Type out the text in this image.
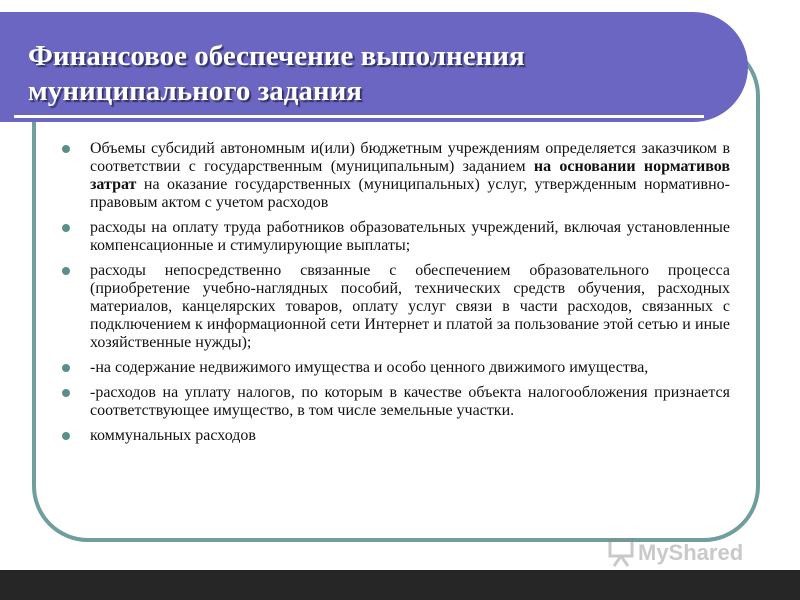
Финансовое обеспечение выполнения муниципального задания
Объемы субсидий автономным и(или) бюджетным учреждениям определяется заказчиком в соответствии с государственным (муниципальным) заданием на основании нормативов затрат на оказание государственных (муниципальных) услуг, утвержденным нормативно-правовым актом с учетом расходов
расходы на оплату труда работников образовательных учреждений, включая установленные компенсационные и стимулирующие выплаты;
расходы непосредственно связанные с обеспечением образовательного процесса (приобретение учебно-наглядных пособий, технических средств обучения, расходных материалов, канцелярских товаров, оплату услуг связи в части расходов, связанных с подключением к информационной сети Интернет и платой за пользование этой сетью и иные хозяйственные нужды);
-на содержание недвижимого имущества и особо ценного движимого имущества,
-расходов на уплату налогов, по которым в качестве объекта налогообложения признается соответствующее имущество, в том числе земельные участки.
коммунальных расходов
MyShared
